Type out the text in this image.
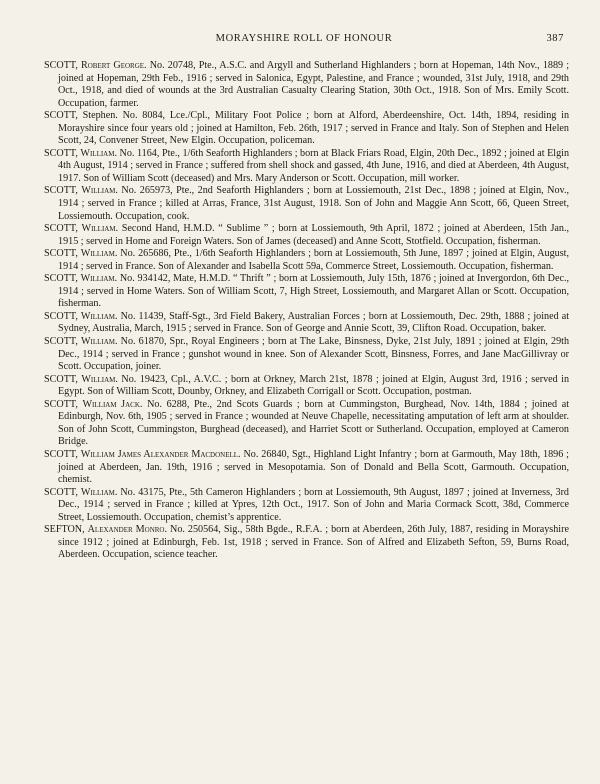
MORAYSHIRE ROLL OF HONOUR	387

SCOTT, Robert George. No. 20748, Pte., A.S.C. and Argyll and Sutherland Highlanders ; born at Hopeman, 14th Nov., 1889 ; joined at Hopeman, 29th Feb., 1916 ; served in Salonica, Egypt, Palestine, and France ; wounded, 31st July, 1918, and 29th Oct., 1918, and died of wounds at the 3rd Australian Casualty Clearing Station, 30th Oct., 1918. Son of Mrs. Emily Scott. Occupation, farmer.

SCOTT, Stephen. No. 8084, Lce./Cpl., Military Foot Police ; born at Alford, Aberdeenshire, Oct. 14th, 1894, residing in Morayshire since four years old ; joined at Hamilton, Feb. 26th, 1917 ; served in France and Italy. Son of Stephen and Helen Scott, 24, Convener Street, New Elgin. Occupation, policeman.

SCOTT, William. No. 1164, Pte., 1/6th Seaforth Highlanders ; born at Black Friars Road, Elgin, 20th Dec., 1892 ; joined at Elgin 4th August, 1914 ; served in France ; suffered from shell shock and gassed, 4th June, 1916, and died at Aberdeen, 4th August, 1917. Son of William Scott (deceased) and Mrs. Mary Anderson or Scott. Occupation, mill worker.

SCOTT, William. No. 265973, Pte., 2nd Seaforth Highlanders ; born at Lossiemouth, 21st Dec., 1898 ; joined at Elgin, Nov., 1914 ; served in France ; killed at Arras, France, 31st August, 1918. Son of John and Maggie Ann Scott, 66, Queen Street, Lossiemouth. Occupation, cook.

SCOTT, William. Second Hand, H.M.D. “ Sublime ” ; born at Lossiemouth, 9th April, 1872 ; joined at Aberdeen, 15th Jan., 1915 ; served in Home and Foreign Waters. Son of James (deceased) and Anne Scott, Stotfield. Occupation, fisherman.

SCOTT, William. No. 265686, Pte., 1/6th Seaforth Highlanders ; born at Lossiemouth, 5th June, 1897 ; joined at Elgin, August, 1914 ; served in France. Son of Alexander and Isabella Scott 59a, Commerce Street, Lossiemouth. Occupation, fisherman.

SCOTT, William. No. 934142, Mate, H.M.D. “ Thrift ” ; born at Lossiemouth, July 15th, 1876 ; joined at Invergordon, 6th Dec., 1914 ; served in Home Waters. Son of William Scott, 7, High Street, Lossiemouth, and Margaret Allan or Scott. Occupation, fisherman.

SCOTT, William. No. 11439, Staff-Sgt., 3rd Field Bakery, Australian Forces ; born at Lossiemouth, Dec. 29th, 1888 ; joined at Sydney, Australia, March, 1915 ; served in France. Son of George and Annie Scott, 39, Clifton Road. Occupation, baker.

SCOTT, William. No. 61870, Spr., Royal Engineers ; born at The Lake, Binsness, Dyke, 21st July, 1891 ; joined at Elgin, 29th Dec., 1914 ; served in France ; gunshot wound in knee. Son of Alexander Scott, Binsness, Forres, and Jane MacGillivray or Scott. Occupation, joiner.

SCOTT, William. No. 19423, Cpl., A.V.C. ; born at Orkney, March 21st, 1878 ; joined at Elgin, August 3rd, 1916 ; served in Egypt. Son of William Scott, Dounby, Orkney, and Elizabeth Corrigall or Scott. Occupation, postman.

SCOTT, William Jack. No. 6288, Pte., 2nd Scots Guards ; born at Cummingston, Burghead, Nov. 14th, 1884 ; joined at Edinburgh, Nov. 6th, 1905 ; served in France ; wounded at Neuve Chapelle, necessitating amputation of left arm at shoulder. Son of John Scott, Cummingston, Burghead (deceased), and Harriet Scott or Sutherland. Occupation, employed at Cameron Bridge.

SCOTT, William James Alexander Macdonell. No. 26840, Sgt., Highland Light Infantry ; born at Garmouth, May 18th, 1896 ; joined at Aberdeen, Jan. 19th, 1916 ; served in Mesopotamia. Son of Donald and Bella Scott, Garmouth. Occupation, chemist.

SCOTT, William. No. 43175, Pte., 5th Cameron Highlanders ; born at Lossiemouth, 9th August, 1897 ; joined at Inverness, 3rd Dec., 1914 ; served in France ; killed at Ypres, 12th Oct., 1917. Son of John and Maria Cormack Scott, 38d, Commerce Street, Lossiemouth. Occupation, chemist’s apprentice.

SEFTON, Alexander Monro. No. 250564, Sig., 58th Bgde., R.F.A. ; born at Aberdeen, 26th July, 1887, residing in Morayshire since 1912 ; joined at Edinburgh, Feb. 1st, 1918 ; served in France. Son of Alfred and Elizabeth Sefton, 59, Burns Road, Aberdeen. Occupation, science teacher.
